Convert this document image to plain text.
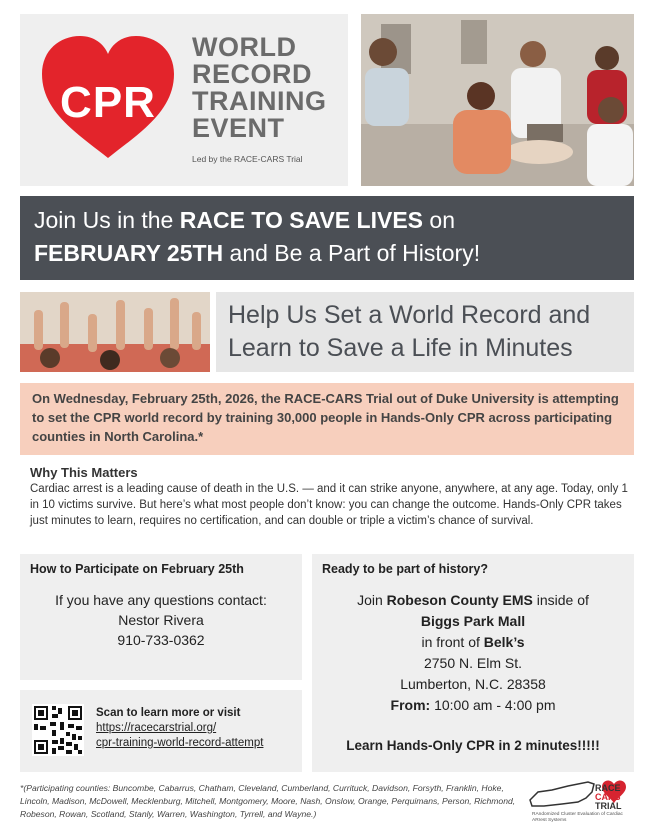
CPR
WORLD
RECORD
TRAINING
EVENT
Led by the RACE-CARS Trial
Join Us in the RACE TO SAVE LIVES on
FEBRUARY 25TH and Be a Part of History!
Help Us Set a World Record and
Learn to Save a Life in Minutes
On Wednesday, February 25th, 2026, the RACE-CARS Trial out of Duke University is attempting to set the CPR world record by training 30,000 people in Hands-Only CPR across participating counties in North Carolina.*
Why This Matters
Cardiac arrest is a leading cause of death in the U.S. — and it can strike anyone, anywhere, at any age. Today, only 1 in 10 victims survive. But here’s what most people don’t know: you can change the outcome. Hands-Only CPR takes just minutes to learn, requires no certification, and can double or triple a victim’s chance of survival.
How to Participate on February 25th
If you have any questions contact:
Nestor Rivera
910-733-0362
Scan to learn more or visit
https://racecarstrial.org/
cpr-training-world-record-attempt
Ready to be part of history?
Join Robeson County EMS inside of
Biggs Park Mall
in front of Belk’s
2750 N. Elm St.
Lumberton, N.C. 28358
From: 10:00 am - 4:00 pm
Learn Hands-Only CPR in 2 minutes!!!!!
*(Participating counties: Buncombe, Cabarrus, Chatham, Cleveland, Cumberland, Currituck, Davidson, Forsyth, Franklin, Hoke, Lincoln, Madison, McDowell, Mecklenburg, Mitchell, Montgomery, Moore, Nash, Onslow, Orange, Perquimans, Person, Richmond, Robeson, Rowan, Scotland, Stanly, Warren, Washington, Tyrrell, and Wayne.)
RACE
CARS
TRIAL
RAndomized Cluster Evaluation of Cardiac ARrest Systems
